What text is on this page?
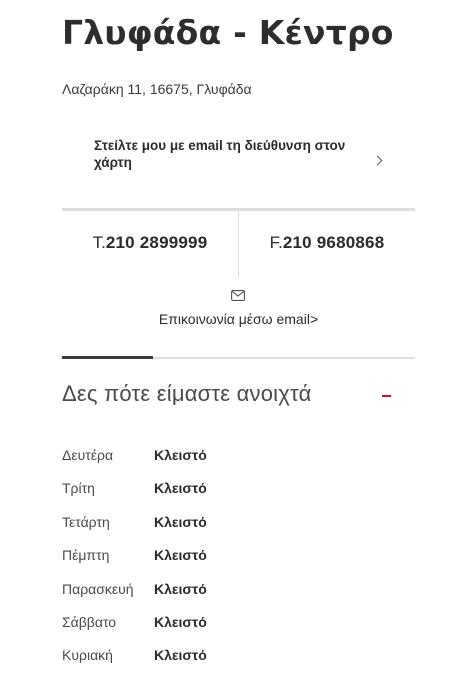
Γλυφάδα - Κέντρο
Λαζαράκη 11, 16675, Γλυφάδα
Στείλτε μου με email τη διεύθυνση στον χάρτη
T.210 2899999	F.210 9680868
Επικοινωνία μέσω email>
Δες πότε είμαστε ανοιχτά
Δευτέρα	Κλειστό
Τρίτη	Κλειστό
Τετάρτη	Κλειστό
Πέμπτη	Κλειστό
Παρασκευή Κλειστό
Σάββατο	Κλειστό
Κυριακή	Κλειστό
